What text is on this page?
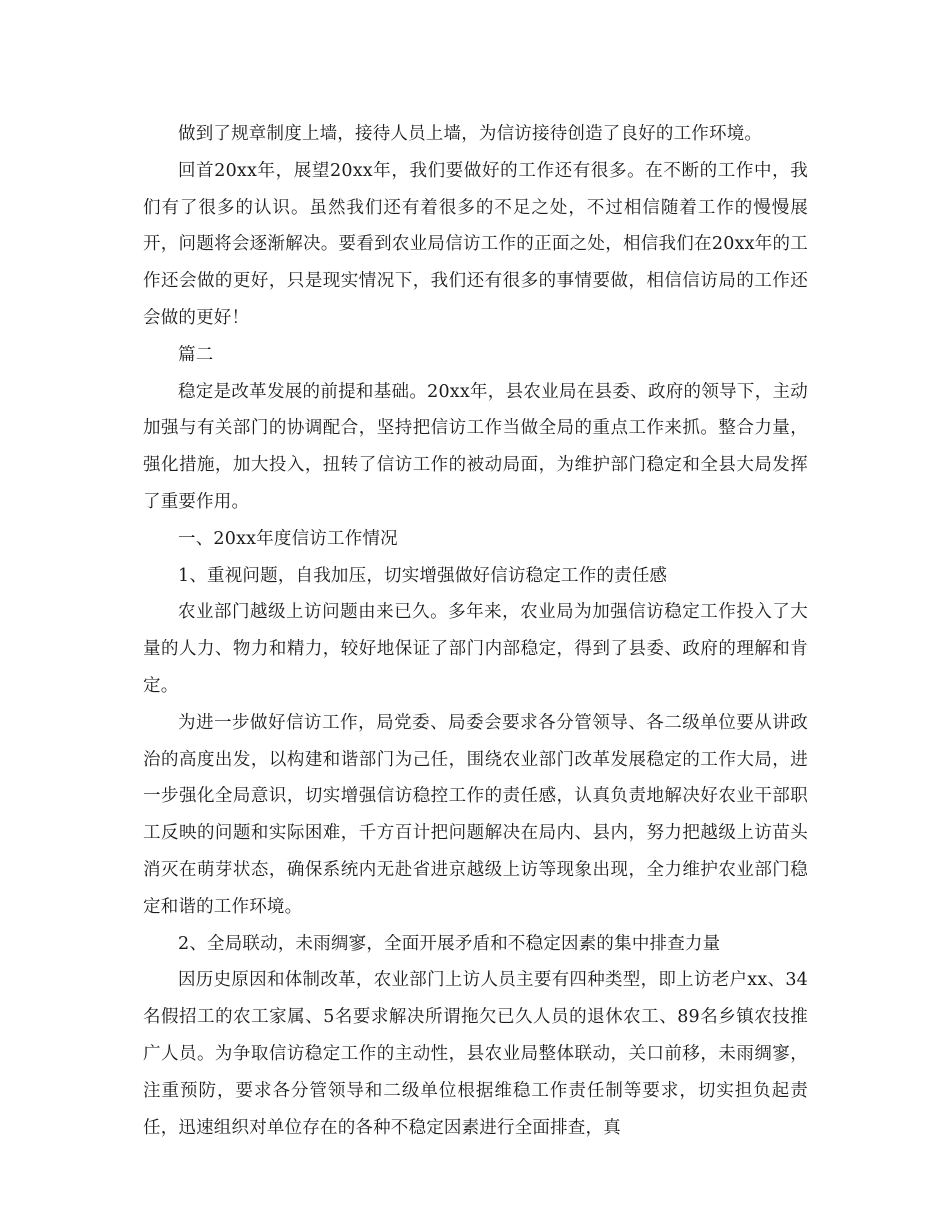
做到了规章制度上墙，接待人员上墙，为信访接待创造了良好的工作环境。

回首20xx年，展望20xx年，我们要做好的工作还有很多。在不断的工作中，我们有了很多的认识。虽然我们还有着很多的不足之处，不过相信随着工作的慢慢展开，问题将会逐渐解决。要看到农业局信访工作的正面之处，相信我们在20xx年的工作还会做的更好，只是现实情况下，我们还有很多的事情要做，相信信访局的工作还会做的更好！

篇二

稳定是改革发展的前提和基础。20xx年，县农业局在县委、政府的领导下，主动加强与有关部门的协调配合，坚持把信访工作当做全局的重点工作来抓。整合力量，强化措施，加大投入，扭转了信访工作的被动局面，为维护部门稳定和全县大局发挥了重要作用。

一、20xx年度信访工作情况

1、重视问题，自我加压，切实增强做好信访稳定工作的责任感

农业部门越级上访问题由来已久。多年来，农业局为加强信访稳定工作投入了大量的人力、物力和精力，较好地保证了部门内部稳定，得到了县委、政府的理解和肯定。

为进一步做好信访工作，局党委、局委会要求各分管领导、各二级单位要从讲政治的高度出发，以构建和谐部门为己任，围绕农业部门改革发展稳定的工作大局，进一步强化全局意识，切实增强信访稳控工作的责任感，认真负责地解决好农业干部职工反映的问题和实际困难，千方百计把问题解决在局内、县内，努力把越级上访苗头消灭在萌芽状态，确保系统内无赴省进京越级上访等现象出现，全力维护农业部门稳定和谐的工作环境。

2、全局联动，未雨绸寥，全面开展矛盾和不稳定因素的集中排查力量

因历史原因和体制改革，农业部门上访人员主要有四种类型，即上访老户xx、34名假招工的农工家属、5名要求解决所谓拖欠已久人员的退休农工、89名乡镇农技推广人员。为争取信访稳定工作的主动性，县农业局整体联动，关口前移，未雨绸寥，注重预防，要求各分管领导和二级单位根据维稳工作责任制等要求，切实担负起责任，迅速组织对单位存在的各种不稳定因素进行全面排查，真
